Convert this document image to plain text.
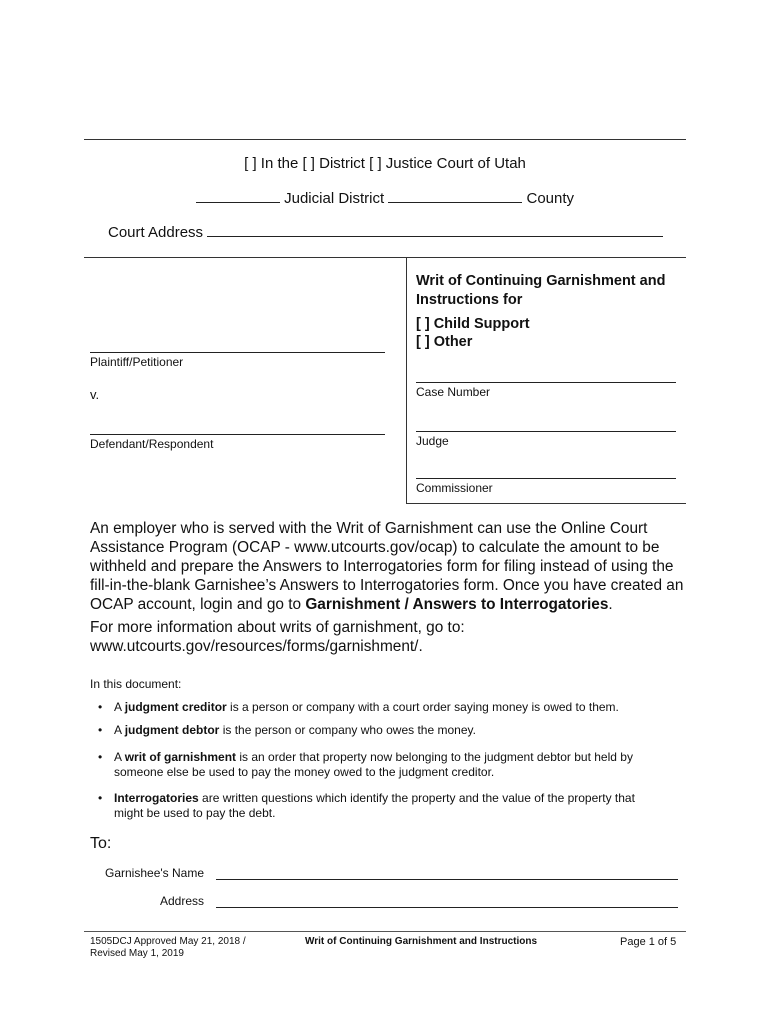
[ ] In the [ ] District [ ] Justice Court of Utah
Judicial District	County
Court Address
Writ of Continuing Garnishment and
Instructions for
[ ] Child Support
[ ] Other
Plaintiff/Petitioner
v.
Defendant/Respondent
Case Number
Judge
Commissioner
An employer who is served with the Writ of Garnishment can use the Online Court
Assistance Program (OCAP - www.utcourts.gov/ocap) to calculate the amount to be
withheld and prepare the Answers to Interrogatories form for filing instead of using the
fill-in-the-blank Garnishee’s Answers to Interrogatories form. Once you have created an
OCAP account, login and go to Garnishment / Answers to Interrogatories.
For more information about writs of garnishment, go to:
www.utcourts.gov/resources/forms/garnishment/.
In this document:
• A judgment creditor is a person or company with a court order saying money is owed to them.
• A judgment debtor is the person or company who owes the money.
• A writ of garnishment is an order that property now belonging to the judgment debtor but held by
someone else be used to pay the money owed to the judgment creditor.
• Interrogatories are written questions which identify the property and the value of the property that
might be used to pay the debt.
To:
Garnishee's Name
Address
1505DCJ Approved May 21, 2018 /
Revised May 1, 2019
Writ of Continuing Garnishment and Instructions	Page 1 of 5
